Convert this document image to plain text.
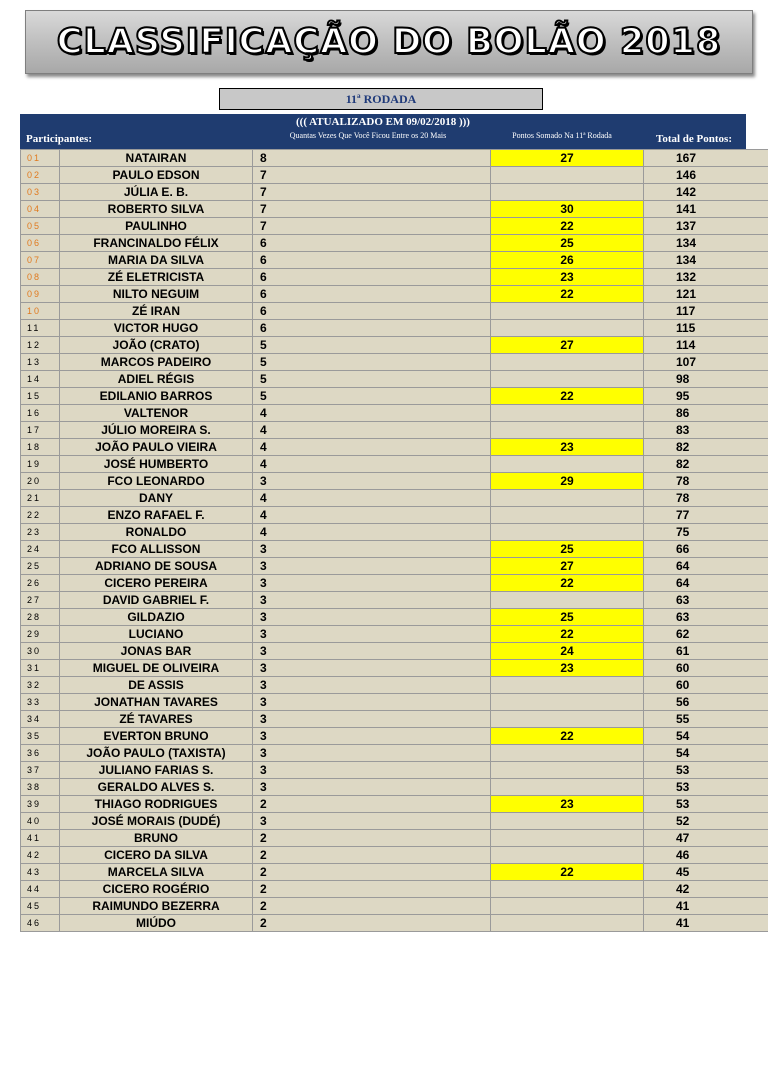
CLASSIFICAÇÃO DO BOLÃO 2018
11ª RODADA
((( ATUALIZADO EM 09/02/2018 )))
Participantes:	Quantas Vezes Que Você Ficou Entre os 20 Mais	Pontos Somado Na 11ª Rodada	Total de Pontos:
01	NATAIRAN	8	27	167
02	PAULO EDSON	7		146
03	JÚLIA E. B.	7		142
04	ROBERTO SILVA	7	30	141
05	PAULINHO	7	22	137
06	FRANCINALDO FÉLIX	6	25	134
07	MARIA DA SILVA	6	26	134
08	ZÉ ELETRICISTA	6	23	132
09	NILTO NEGUIM	6	22	121
10	ZÉ IRAN	6		117
11	VICTOR HUGO	6		115
12	JOÃO (CRATO)	5	27	114
13	MARCOS PADEIRO	5		107
14	ADIEL RÉGIS	5		98
15	EDILANIO BARROS	5	22	95
16	VALTENOR	4		86
17	JÚLIO MOREIRA S.	4		83
18	JOÃO PAULO VIEIRA	4	23	82
19	JOSÉ HUMBERTO	4		82
20	FCO LEONARDO	3	29	78
21	DANY	4		78
22	ENZO RAFAEL F.	4		77
23	RONALDO	4		75
24	FCO ALLISSON	3	25	66
25	ADRIANO DE SOUSA	3	27	64
26	CICERO PEREIRA	3	22	64
27	DAVID GABRIEL F.	3		63
28	GILDAZIO	3	25	63
29	LUCIANO	3	22	62
30	JONAS BAR	3	24	61
31	MIGUEL DE OLIVEIRA	3	23	60
32	DE ASSIS	3		60
33	JONATHAN TAVARES	3		56
34	ZÉ TAVARES	3		55
35	EVERTON BRUNO	3	22	54
36	JOÃO PAULO (TAXISTA)	3		54
37	JULIANO FARIAS S.	3		53
38	GERALDO ALVES S.	3		53
39	THIAGO RODRIGUES	2	23	53
40	JOSÉ MORAIS (DUDÉ)	3		52
41	BRUNO	2		47
42	CICERO DA SILVA	2		46
43	MARCELA SILVA	2	22	45
44	CICERO ROGÉRIO	2		42
45	RAIMUNDO BEZERRA	2		41
46	MIÚDO	2		41
